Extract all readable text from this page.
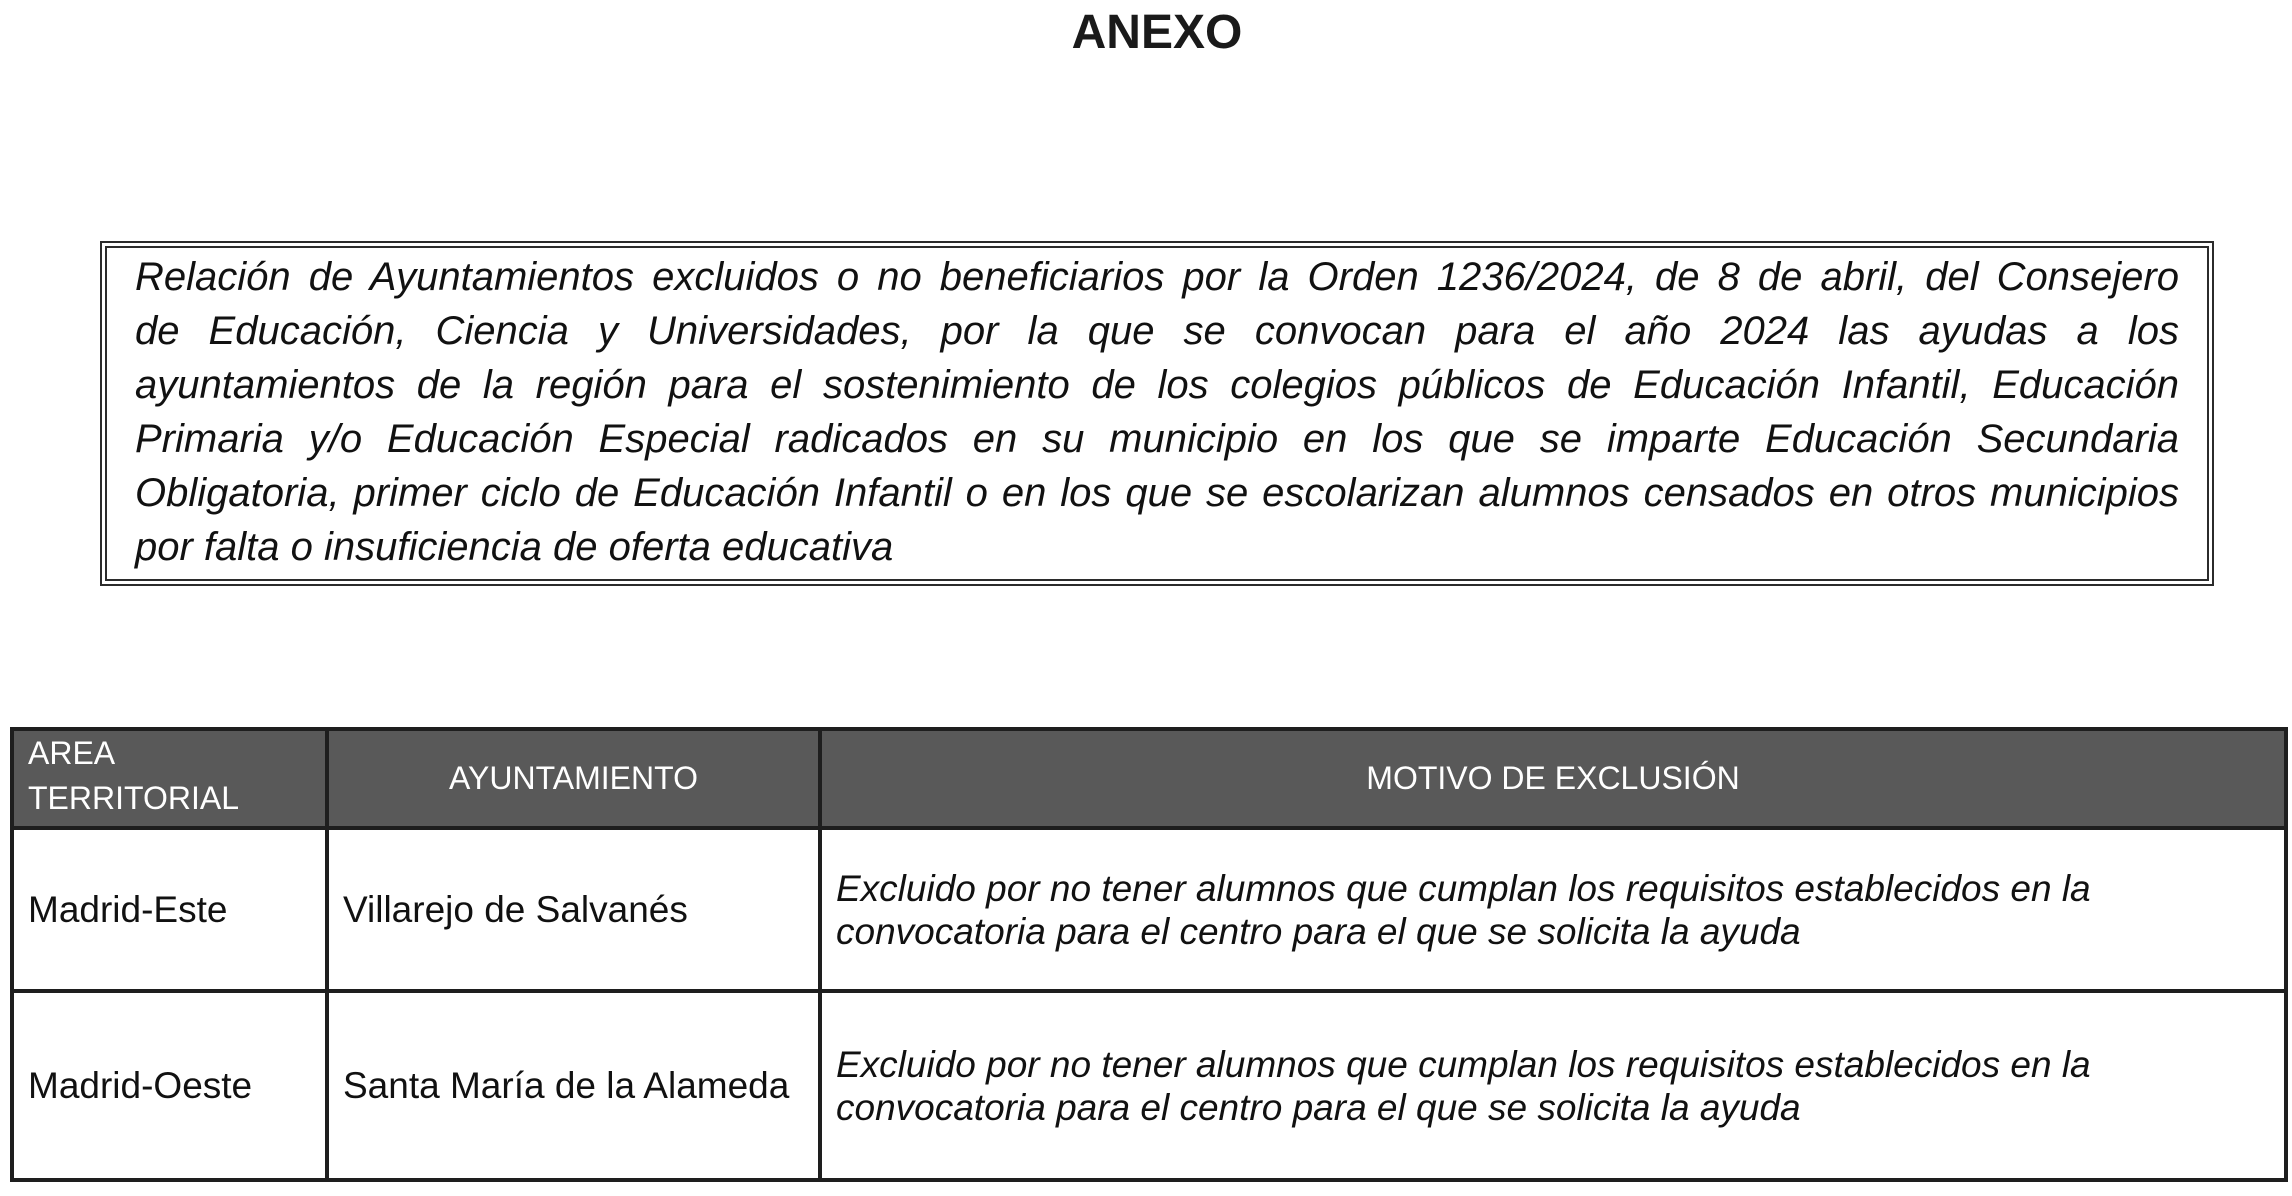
ANEXO
Relación de Ayuntamientos excluidos o no beneficiarios por la Orden 1236/2024, de 8 de abril, del Consejero
de Educación, Ciencia y Universidades, por la que se convocan para el año 2024 las ayudas a los
ayuntamientos de la región para el sostenimiento de los colegios públicos de Educación Infantil, Educación
Primaria y/o Educación Especial radicados en su municipio en los que se imparte Educación Secundaria
Obligatoria, primer ciclo de Educación Infantil o en los que se escolarizan alumnos censados en otros municipios
por falta o insuficiencia de oferta educativa
AREA TERRITORIAL	AYUNTAMIENTO	MOTIVO DE EXCLUSIÓN
Madrid-Este	Villarejo de Salvanés	Excluido por no tener alumnos que cumplan los requisitos establecidos en la convocatoria para el centro para el que se solicita la ayuda
Madrid-Oeste	Santa María de la Alameda	Excluido por no tener alumnos que cumplan los requisitos establecidos en la convocatoria para el centro para el que se solicita la ayuda
